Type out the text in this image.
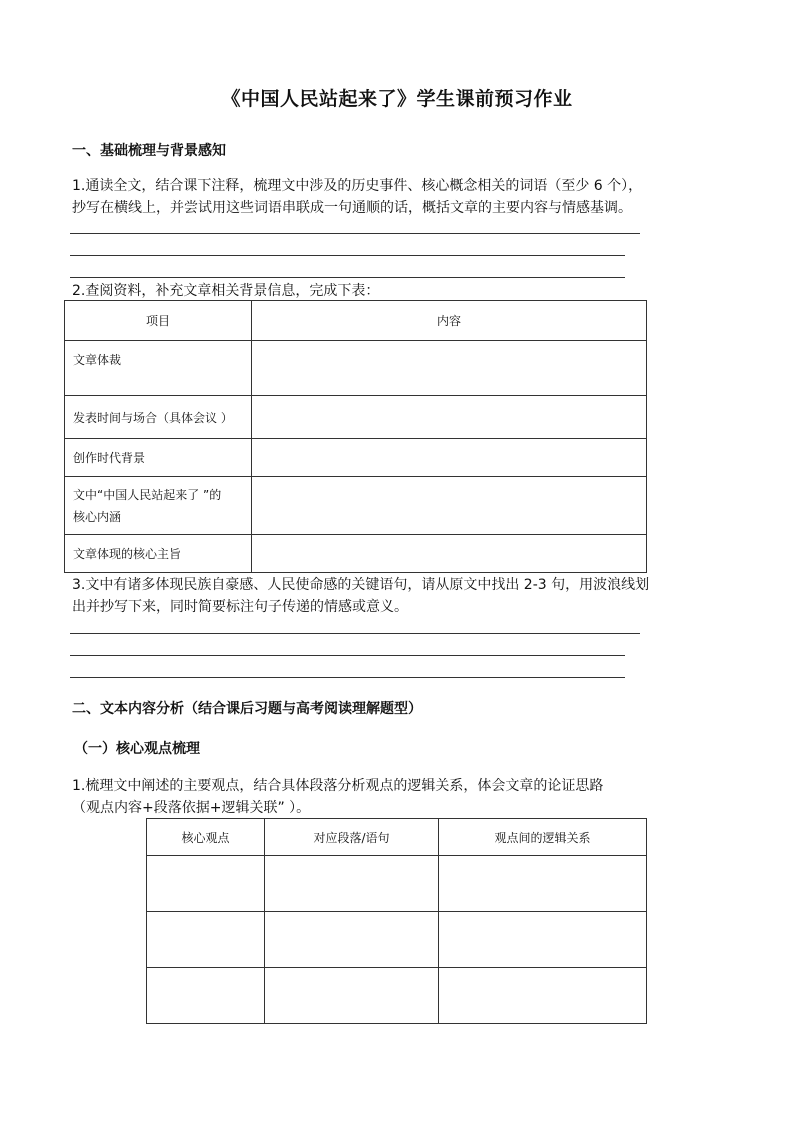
《中国人民站起来了》学生课前预习作业
一、基础梳理与背景感知
1.通读全文，结合课下注释，梳理文中涉及的历史事件、核心概念相关的词语（至少 6 个），
抄写在横线上，并尝试用这些词语串联成一句通顺的话，概括文章的主要内容与情感基调。
2.查阅资料，补充文章相关背景信息，完成下表：
项目	内容
文章体裁	
发表时间与场合（具体会议 ）	
创作时代背景	

文中“中国人民站起来了 ”的
核心内涵	

文章体现的核心主旨	
3.文中有诸多体现民族自豪感、人民使命感的关键语句，请从原文中找出 2-3 句，用波浪线划
出并抄写下来，同时简要标注句子传递的情感或意义。
二、文本内容分析（结合课后习题与高考阅读理解题型）
（一）核心观点梳理
1.梳理文中阐述的主要观点，结合具体段落分析观点的逻辑关系，体会文章的论证思路
（观点内容+段落依据+逻辑关联” ）。
核心观点	对应段落/语句	观点间的逻辑关系
